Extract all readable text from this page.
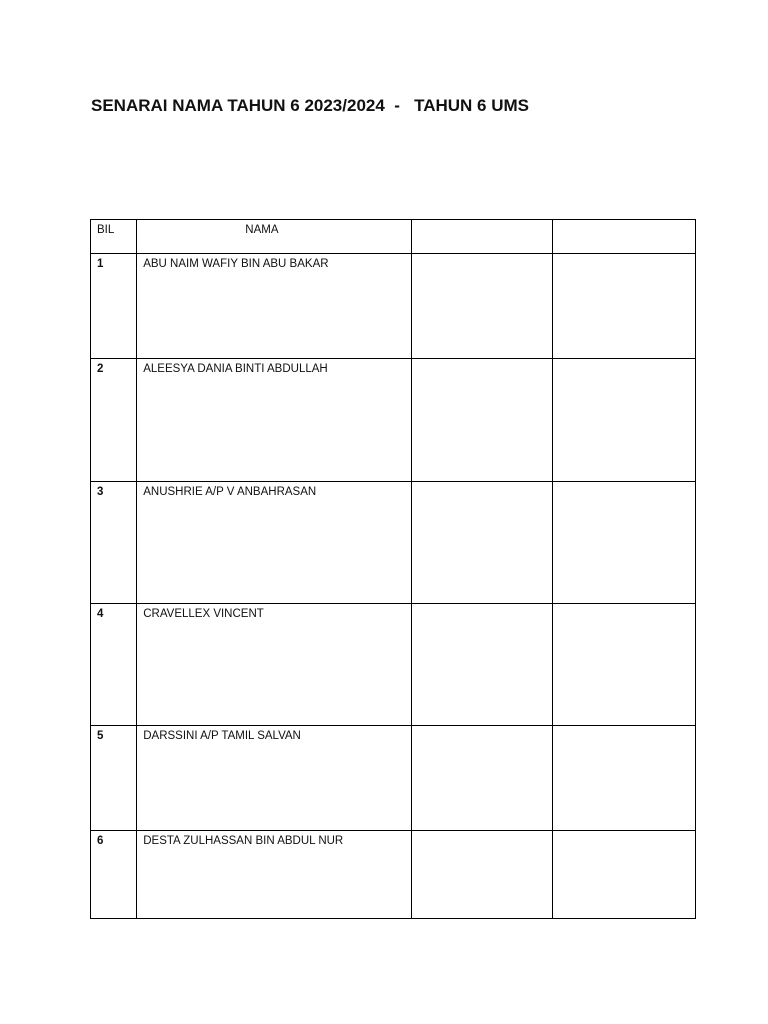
SENARAI NAMA TAHUN 6 2023/2024  -   TAHUN 6 UMS
BIL	NAMA		

1	ABU NAIM WAFIY BIN ABU BAKAR		

2	ALEESYA DANIA BINTI ABDULLAH		

3	ANUSHRIE A/P V ANBAHRASAN		

4	CRAVELLEX VINCENT		

5	DARSSINI A/P TAMIL SALVAN		

6	DESTA ZULHASSAN BIN ABDUL NUR		
